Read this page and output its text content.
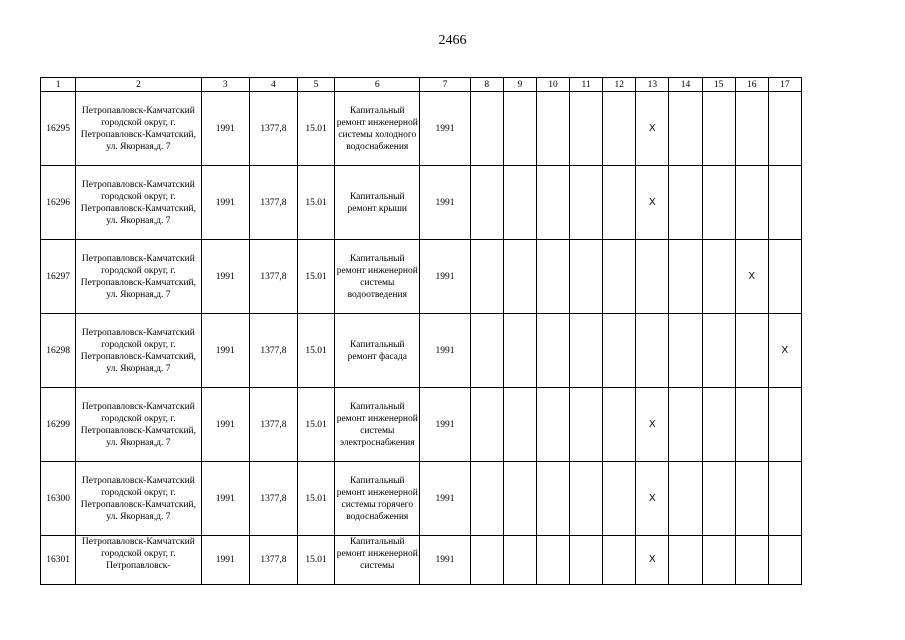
2466
1	2	3	4	5	6	7	8	9	10	11	12	13	14	15	16	17
16295	Петропавловск-Камчатский городской округ, г. Петропавловск-Камчатский, ул. Якорная,д. 7	1991	1377,8	15.01	Капитальный ремонт инженерной системы холодного водоснабжения	1991						X				
16296	Петропавловск-Камчатский городской округ, г. Петропавловск-Камчатский, ул. Якорная,д. 7	1991	1377,8	15.01	Капитальный ремонт крыши	1991						X				
16297	Петропавловск-Камчатский городской округ, г. Петропавловск-Камчатский, ул. Якорная,д. 7	1991	1377,8	15.01	Капитальный ремонт инженерной системы водоотведения	1991									X	
16298	Петропавловск-Камчатский городской округ, г. Петропавловск-Камчатский, ул. Якорная,д. 7	1991	1377,8	15.01	Капитальный ремонт фасада	1991										X
16299	Петропавловск-Камчатский городской округ, г. Петропавловск-Камчатский, ул. Якорная,д. 7	1991	1377,8	15.01	Капитальный ремонт инженерной системы электроснабжения	1991						X				
16300	Петропавловск-Камчатский городской округ, г. Петропавловск-Камчатский, ул. Якорная,д. 7	1991	1377,8	15.01	Капитальный ремонт инженерной системы горячего водоснабжения	1991						X				
16301	Петропавловск-Камчатский городской округ, г. Петропавловск-	1991	1377,8	15.01	Капитальный ремонт инженерной системы	1991						X				
